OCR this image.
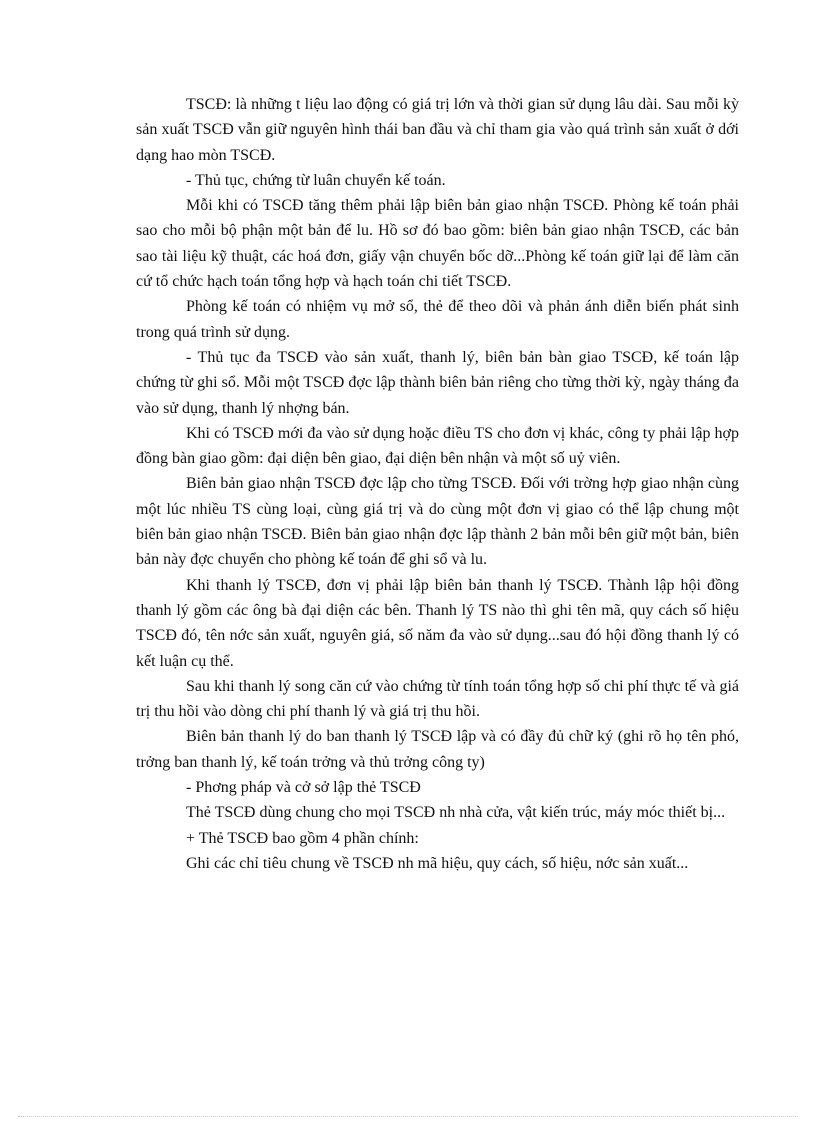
TSCĐ: là những t liệu lao động có giá trị lớn và thời gian sử dụng lâu dài. Sau mỗi kỳ sản xuất TSCĐ vẫn giữ nguyên hình thái ban đầu và chỉ tham gia vào quá trình sản xuất ở dới dạng hao mòn TSCĐ.

- Thủ tục, chứng từ luân chuyển kế toán.

Mỗi khi có TSCĐ tăng thêm phải lập biên bản giao nhận TSCĐ. Phòng kế toán phải sao cho mỗi bộ phận một bản để lu. Hồ sơ đó bao gồm: biên bản giao nhận TSCĐ, các bản sao tài liệu kỹ thuật, các hoá đơn, giấy vận chuyển bốc dỡ...Phòng kế toán giữ lại để làm căn cứ tổ chức hạch toán tổng hợp và hạch toán chi tiết TSCĐ.

Phòng kế toán có nhiệm vụ mở sổ, thẻ để theo dõi và phản ánh diễn biến phát sinh trong quá trình sử dụng.

- Thủ tục đa TSCĐ vào sản xuất, thanh lý, biên bản bàn giao TSCĐ, kế toán lập chứng từ ghi sổ. Mỗi một TSCĐ đợc lập thành biên bản riêng cho từng thời kỳ, ngày tháng đa vào sử dụng, thanh lý nhợng bán.

Khi có TSCĐ mới đa vào sử dụng hoặc điều TS cho đơn vị khác, công ty phải lập hợp đồng bàn giao gồm: đại diện bên giao, đại diện bên nhận và một số uỷ viên.

Biên bản giao nhận TSCĐ đợc lập cho từng TSCĐ. Đối với trờng hợp giao nhận cùng một lúc nhiều TS cùng loại, cùng giá trị và do cùng một đơn vị giao có thể lập chung một biên bản giao nhận TSCĐ. Biên bản giao nhận đợc lập thành 2 bản mỗi bên giữ một bản, biên bản này đợc chuyển cho phòng kế toán để ghi sổ và lu.

Khi thanh lý TSCĐ, đơn vị phải lập biên bản thanh lý TSCĐ. Thành lập hội đồng thanh lý gồm các ông bà đại diện các bên. Thanh lý TS nào thì ghi tên mã, quy cách số hiệu TSCĐ đó, tên nớc sản xuất, nguyên giá, số năm đa vào sử dụng...sau đó hội đồng thanh lý có kết luận cụ thể.

Sau khi thanh lý song căn cứ vào chứng từ tính toán tổng hợp số chi phí thực tế và giá trị thu hồi vào dòng chi phí thanh lý và giá trị thu hồi.

Biên bản thanh lý do ban thanh lý TSCĐ lập và có đầy đủ chữ ký (ghi rõ họ tên phó, trởng ban thanh lý, kế toán trởng và thủ trởng công ty)

- Phơng pháp và cở sở lập thẻ TSCĐ

Thẻ TSCĐ dùng chung cho mọi TSCĐ nh nhà cửa, vật kiến trúc, máy móc thiết bị...

+ Thẻ TSCĐ bao gồm 4 phần chính:

Ghi các chỉ tiêu chung về TSCĐ nh mã hiệu, quy cách, số hiệu, nớc sản xuất...
